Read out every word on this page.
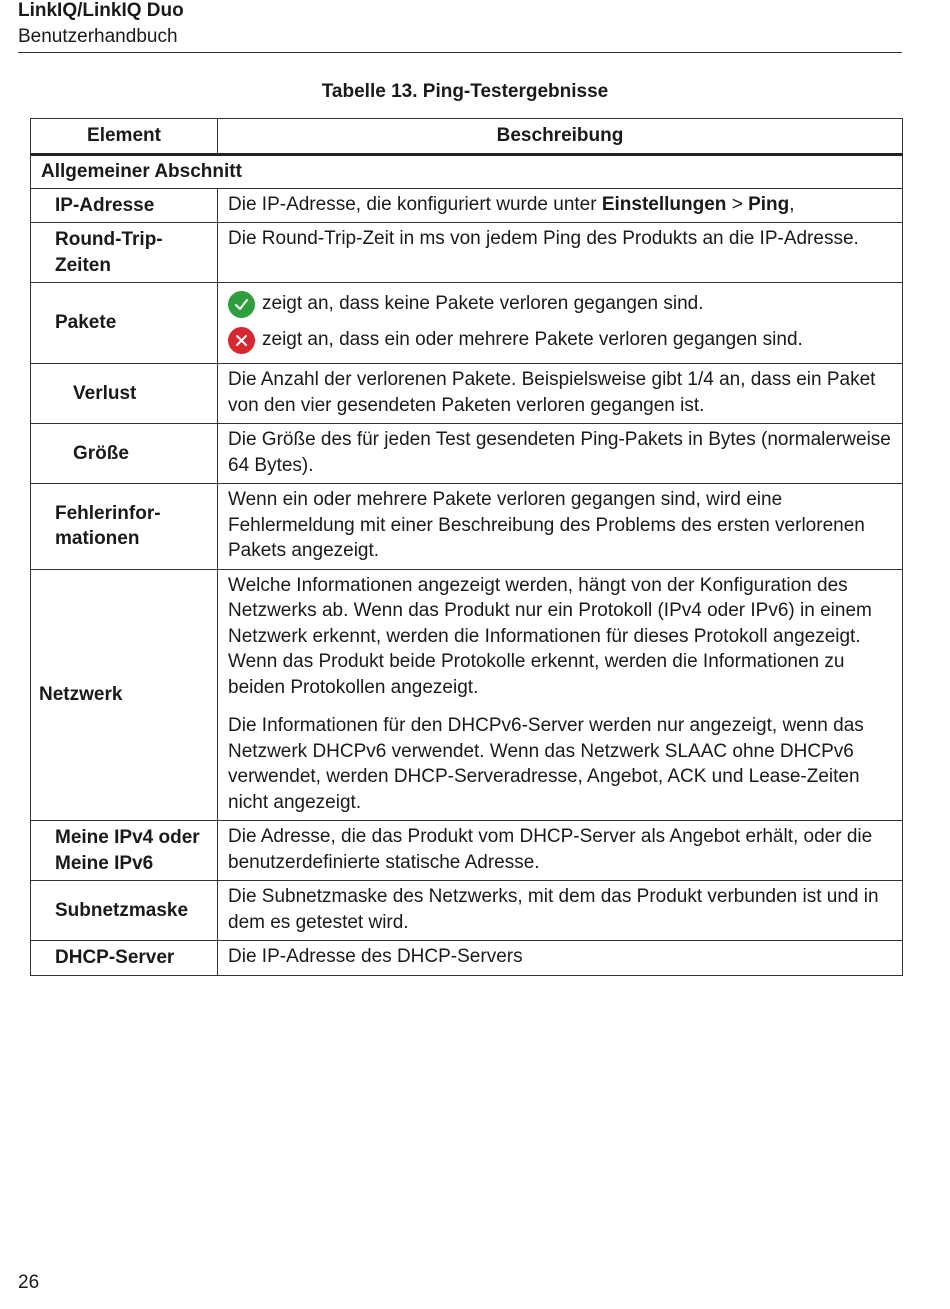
LinkIQ/LinkIQ Duo
Benutzerhandbuch
Tabelle 13. Ping-Testergebnisse
Element	Beschreibung
Allgemeiner Abschnitt	
IP-Adresse	Die IP-Adresse, die konfiguriert wurde unter Einstellungen > Ping,
Round-Trip-
Zeiten	Die Round-Trip-Zeit in ms von jedem Ping des Produkts an die IP-Adresse.
Pakete	zeigt an, dass keine Pakete verloren gegangen sind.
zeigt an, dass ein oder mehrere Pakete verloren gegangen sind.

Verlust	Die Anzahl der verlorenen Pakete. Beispielsweise gibt 1/4 an, dass ein Paket von den vier gesendeten Paketen verloren gegangen ist.
Größe	Die Größe des für jeden Test gesendeten Ping-Pakets in Bytes (normalerweise 64 Bytes).
Fehlerinfor-
mationen	Wenn ein oder mehrere Pakete verloren gegangen sind, wird eine Fehlermeldung mit einer Beschreibung des Problems des ersten verlorenen Pakets angezeigt.
Netzwerk	Welche Informationen angezeigt werden, hängt von der Konfiguration des Netzwerks ab. Wenn das Produkt nur ein Protokoll (IPv4 oder IPv6) in einem Netzwerk erkennt, werden die Informationen für dieses Protokoll angezeigt. Wenn das Produkt beide Protokolle erkennt, werden die Informationen zu beiden Protokollen angezeigt.
Die Informationen für den DHCPv6-Server werden nur angezeigt, wenn das Netzwerk DHCPv6 verwendet. Wenn das Netzwerk SLAAC ohne DHCPv6 verwendet, werden DHCP-Serveradresse, Angebot, ACK und Lease-Zeiten nicht angezeigt.

Meine IPv4 oder
Meine IPv6	Die Adresse, die das Produkt vom DHCP-Server als Angebot erhält, oder die benutzerdefinierte statische Adresse.
Subnetzmaske	Die Subnetzmaske des Netzwerks, mit dem das Produkt verbunden ist und in dem es getestet wird.
DHCP-Server	Die IP-Adresse des DHCP-Servers
26
